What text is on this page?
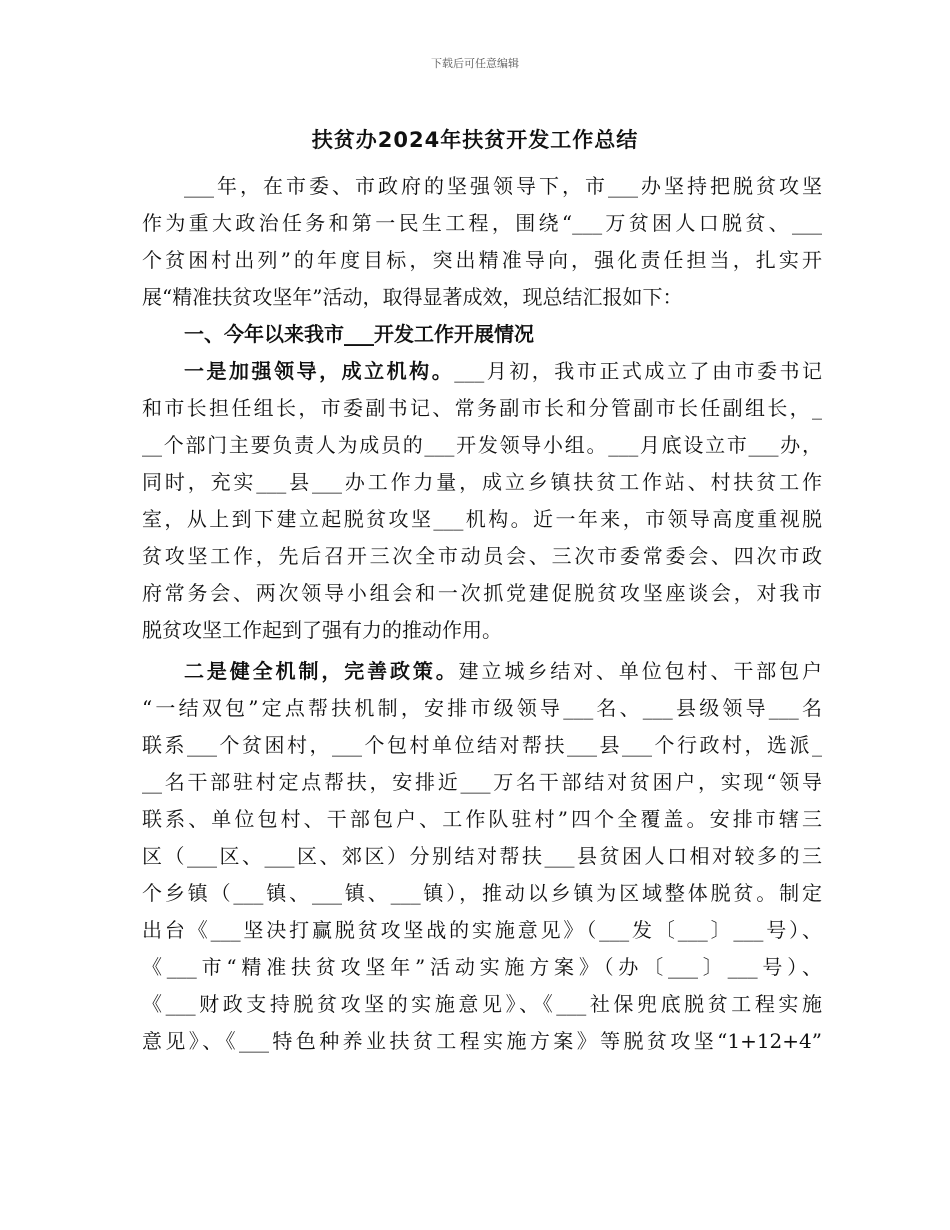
下载后可任意编辑
扶贫办2024年扶贫开发工作总结
___年，在市委、市政府的坚强领导下，市___办坚持把脱贫攻坚
作为重大政治任务和第一民生工程，围绕“___万贫困人口脱贫、___
个贫困村出列”的年度目标，突出精准导向，强化责任担当，扎实开
展“精准扶贫攻坚年”活动，取得显著成效，现总结汇报如下：
一、今年以来我市___开发工作开展情况
一是加强领导，成立机构。___月初，我市正式成立了由市委书记
和市长担任组长，市委副书记、常务副市长和分管副市长任副组长，_
__个部门主要负责人为成员的___开发领导小组。___月底设立市___办，
同时，充实___县___办工作力量，成立乡镇扶贫工作站、村扶贫工作
室，从上到下建立起脱贫攻坚___机构。近一年来，市领导高度重视脱
贫攻坚工作，先后召开三次全市动员会、三次市委常委会、四次市政
府常务会、两次领导小组会和一次抓党建促脱贫攻坚座谈会，对我市
脱贫攻坚工作起到了强有力的推动作用。
二是健全机制，完善政策。建立城乡结对、单位包村、干部包户
“一结双包”定点帮扶机制，安排市级领导___名、___县级领导___名
联系___个贫困村，___个包村单位结对帮扶___县___个行政村，选派_
__名干部驻村定点帮扶，安排近___万名干部结对贫困户，实现“领导
联系、单位包村、干部包户、工作队驻村”四个全覆盖。安排市辖三
区（___区、___区、郊区）分别结对帮扶___县贫困人口相对较多的三
个乡镇（___镇、___镇、___镇），推动以乡镇为区域整体脱贫。制定
出台《___坚决打赢脱贫攻坚战的实施意见》（___发〔___〕___号）、
《___市“精准扶贫攻坚年”活动实施方案》（办〔___〕___号）、
《___财政支持脱贫攻坚的实施意见》、《___社保兜底脱贫工程实施
意见》、《___特色种养业扶贫工程实施方案》等脱贫攻坚“1+12+4”
